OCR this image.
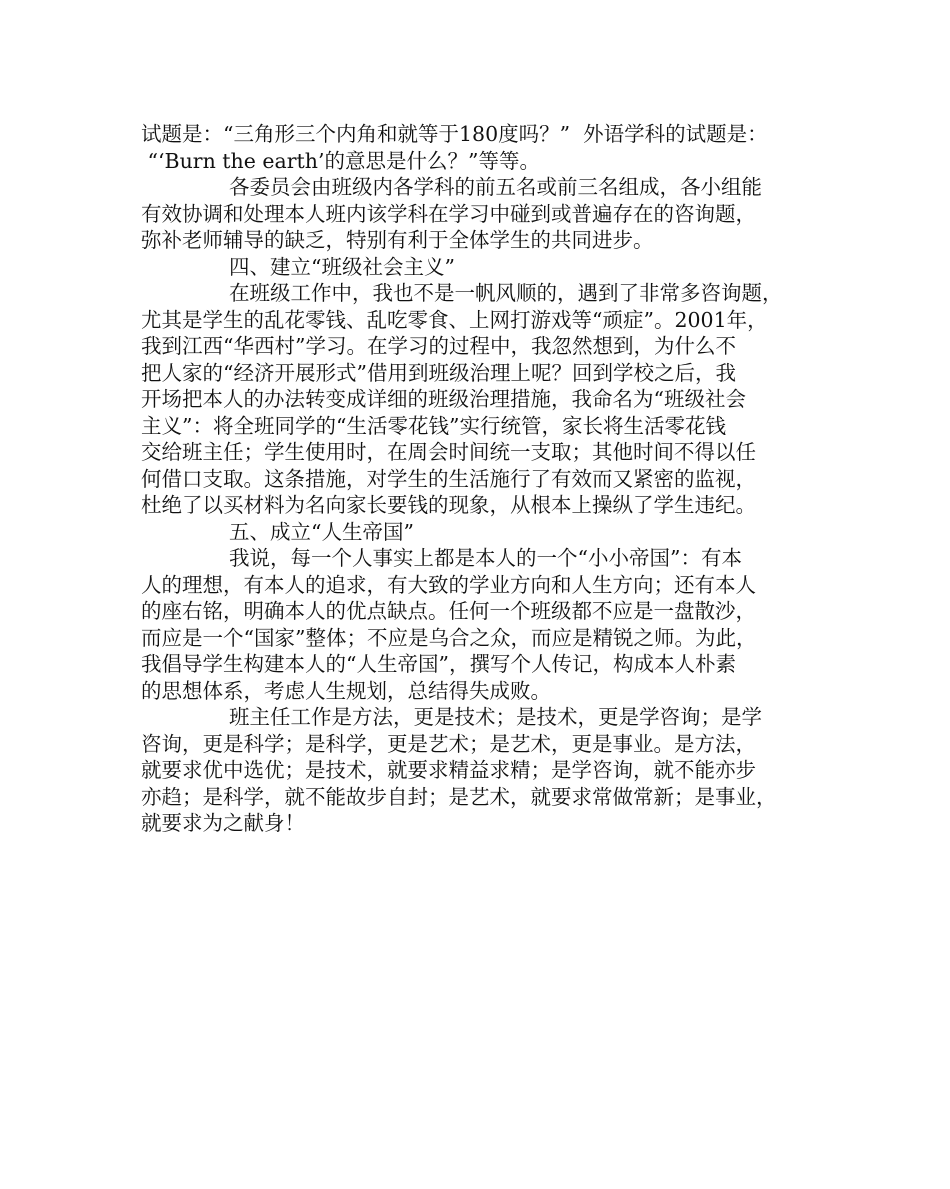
试题是：“三角形三个内角和就等于180度吗？”  外语学科的试题是：
“‘Burn the earth’的意思是什么？”等等。
各委员会由班级内各学科的前五名或前三名组成，各小组能
有效协调和处理本人班内该学科在学习中碰到或普遍存在的咨询题，
弥补老师辅导的缺乏，特别有利于全体学生的共同进步。
四、建立“班级社会主义”
在班级工作中，我也不是一帆风顺的，遇到了非常多咨询题，
尤其是学生的乱花零钱、乱吃零食、上网打游戏等“顽症”。2001年，
我到江西“华西村”学习。在学习的过程中，我忽然想到，为什么不
把人家的“经济开展形式”借用到班级治理上呢？回到学校之后，我
开场把本人的办法转变成详细的班级治理措施，我命名为“班级社会
主义”：将全班同学的“生活零花钱”实行统管，家长将生活零花钱
交给班主任；学生使用时，在周会时间统一支取；其他时间不得以任
何借口支取。这条措施，对学生的生活施行了有效而又紧密的监视，
杜绝了以买材料为名向家长要钱的现象，从根本上操纵了学生违纪。
五、成立“人生帝国”
我说，每一个人事实上都是本人的一个“小小帝国”：有本
人的理想，有本人的追求，有大致的学业方向和人生方向；还有本人
的座右铭，明确本人的优点缺点。任何一个班级都不应是一盘散沙，
而应是一个“国家”整体；不应是乌合之众，而应是精锐之师。为此，
我倡导学生构建本人的“人生帝国”，撰写个人传记，构成本人朴素
的思想体系，考虑人生规划，总结得失成败。
班主任工作是方法，更是技术；是技术，更是学咨询；是学
咨询，更是科学；是科学，更是艺术；是艺术，更是事业。是方法，
就要求优中选优；是技术，就要求精益求精；是学咨询，就不能亦步
亦趋；是科学，就不能故步自封；是艺术，就要求常做常新；是事业，
就要求为之献身！
